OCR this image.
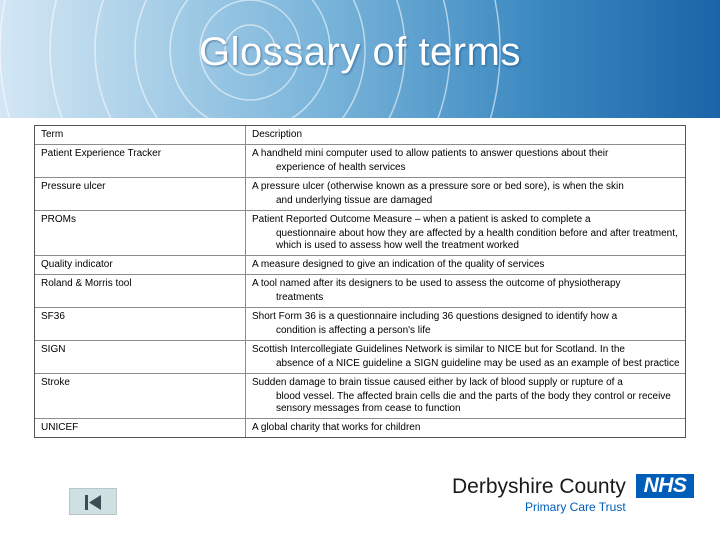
Glossary of terms
Term	Description
Patient Experience Tracker	A handheld mini computer used to allow patients to answer questions about their
experience of health services

Pressure ulcer	A pressure ulcer (otherwise known as a pressure sore or bed sore), is when the skin
and underlying tissue are damaged

PROMs	Patient Reported Outcome Measure – when a patient is asked to complete a
questionnaire about how they are affected by a health condition before and after treatment, which is used to assess how well the treatment worked

Quality indicator	A measure designed to give an indication of the quality of services

Roland & Morris tool	A tool named after its designers to be used to assess the outcome of physiotherapy
treatments

SF36	Short Form 36 is a questionnaire including 36 questions designed to identify how a
condition is affecting a person's life

SIGN	Scottish Intercollegiate Guidelines Network is similar to NICE but for Scotland. In the
absence of a NICE guideline a SIGN guideline may be used as an example of best practice

Stroke	Sudden damage to brain tissue caused either by lack of blood supply or rupture of a
blood vessel. The affected brain cells die and the parts of the body they control or receive sensory messages from cease to function

UNICEF	A global charity that works for children
Derbyshire County NHS
Primary Care Trust
